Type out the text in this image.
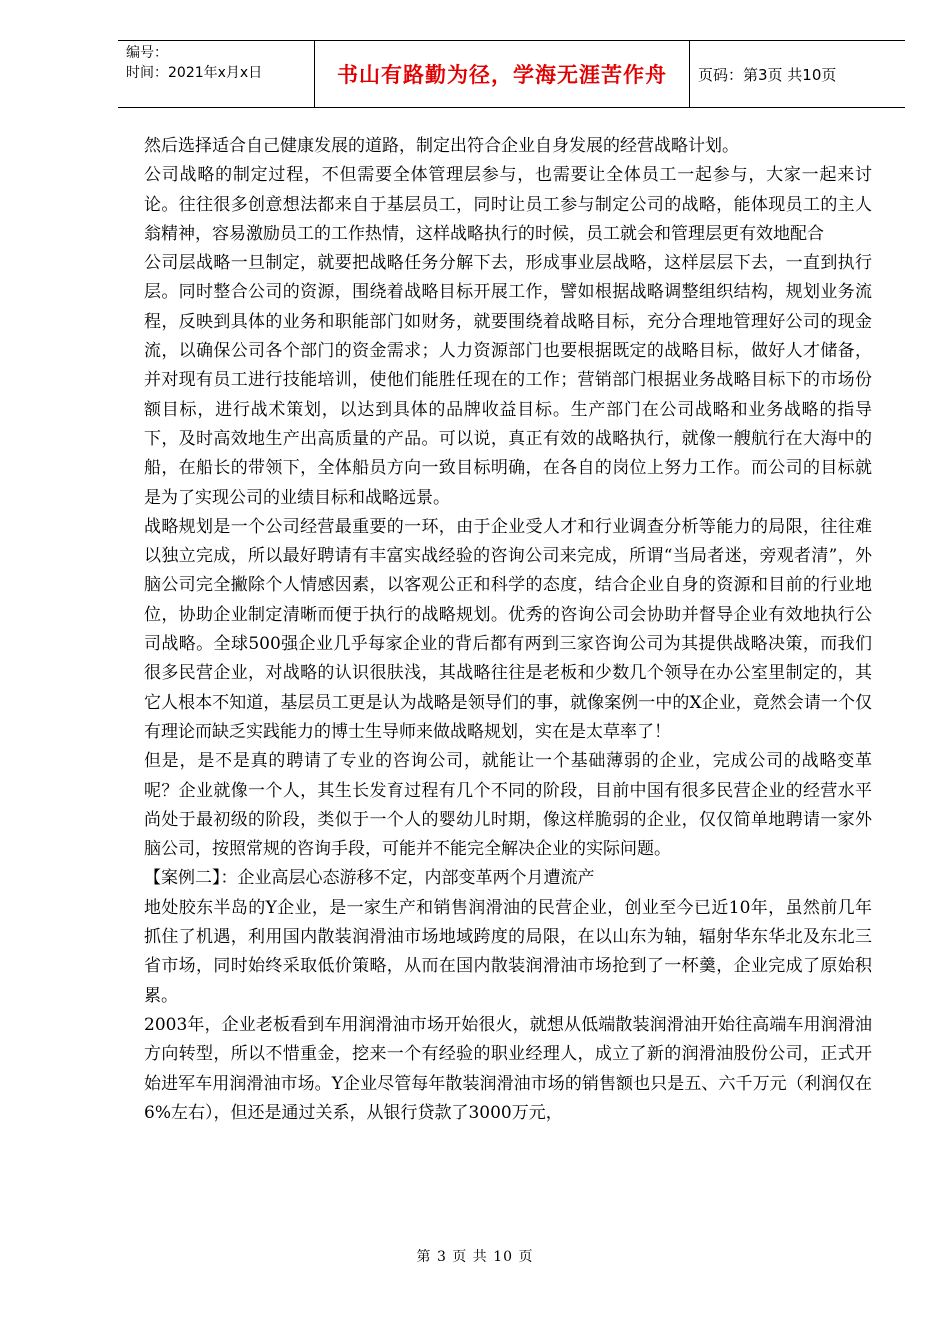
编号：
时间：2021年x月x日	书山有路勤为径，学海无涯苦作舟 页码：第3页 共10页

然后选择适合自己健康发展的道路，制定出符合企业自身发展的经营战略计划。

公司战略的制定过程，不但需要全体管理层参与，也需要让全体员工一起参与，大家一起来讨论。往往很多创意想法都来自于基层员工，同时让员工参与制定公司的战略，能体现员工的主人翁精神，容易激励员工的工作热情，这样战略执行的时候，员工就会和管理层更有效地配合

公司层战略一旦制定，就要把战略任务分解下去，形成事业层战略，这样层层下去，一直到执行层。同时整合公司的资源，围绕着战略目标开展工作，譬如根据战略调整组织结构，规划业务流程，反映到具体的业务和职能部门如财务，就要围绕着战略目标，充分合理地管理好公司的现金流，以确保公司各个部门的资金需求；人力资源部门也要根据既定的战略目标，做好人才储备，并对现有员工进行技能培训，使他们能胜任现在的工作；营销部门根据业务战略目标下的市场份额目标，进行战术策划，以达到具体的品牌收益目标。生产部门在公司战略和业务战略的指导下，及时高效地生产出高质量的产品。可以说，真正有效的战略执行，就像一艘航行在大海中的船，在船长的带领下，全体船员方向一致目标明确，在各自的岗位上努力工作。而公司的目标就是为了实现公司的业绩目标和战略远景。

战略规划是一个公司经营最重要的一环，由于企业受人才和行业调查分析等能力的局限，往往难以独立完成，所以最好聘请有丰富实战经验的咨询公司来完成，所谓“当局者迷，旁观者清”，外脑公司完全撇除个人情感因素，以客观公正和科学的态度，结合企业自身的资源和目前的行业地位，协助企业制定清晰而便于执行的战略规划。优秀的咨询公司会协助并督导企业有效地执行公司战略。全球500强企业几乎每家企业的背后都有两到三家咨询公司为其提供战略决策，而我们很多民营企业，对战略的认识很肤浅，其战略往往是老板和少数几个领导在办公室里制定的，其它人根本不知道，基层员工更是认为战略是领导们的事，就像案例一中的X企业，竟然会请一个仅有理论而缺乏实践能力的博士生导师来做战略规划，实在是太草率了！

但是，是不是真的聘请了专业的咨询公司，就能让一个基础薄弱的企业，完成公司的战略变革呢？企业就像一个人，其生长发育过程有几个不同的阶段，目前中国有很多民营企业的经营水平尚处于最初级的阶段，类似于一个人的婴幼儿时期，像这样脆弱的企业，仅仅简单地聘请一家外脑公司，按照常规的咨询手段，可能并不能完全解决企业的实际问题。

【案例二】：企业高层心态游移不定，内部变革两个月遭流产

地处胶东半岛的Y企业，是一家生产和销售润滑油的民营企业，创业至今已近10年，虽然前几年抓住了机遇，利用国内散装润滑油市场地域跨度的局限，在以山东为轴，辐射华东华北及东北三省市场，同时始终采取低价策略，从而在国内散装润滑油市场抢到了一杯羹，企业完成了原始积累。

2003年，企业老板看到车用润滑油市场开始很火，就想从低端散装润滑油开始往高端车用润滑油方向转型，所以不惜重金，挖来一个有经验的职业经理人，成立了新的润滑油股份公司，正式开始进军车用润滑油市场。Y企业尽管每年散装润滑油市场的销售额也只是五、六千万元（利润仅在6%左右），但还是通过关系，从银行贷款了3000万元，

第 3 页 共 10 页
